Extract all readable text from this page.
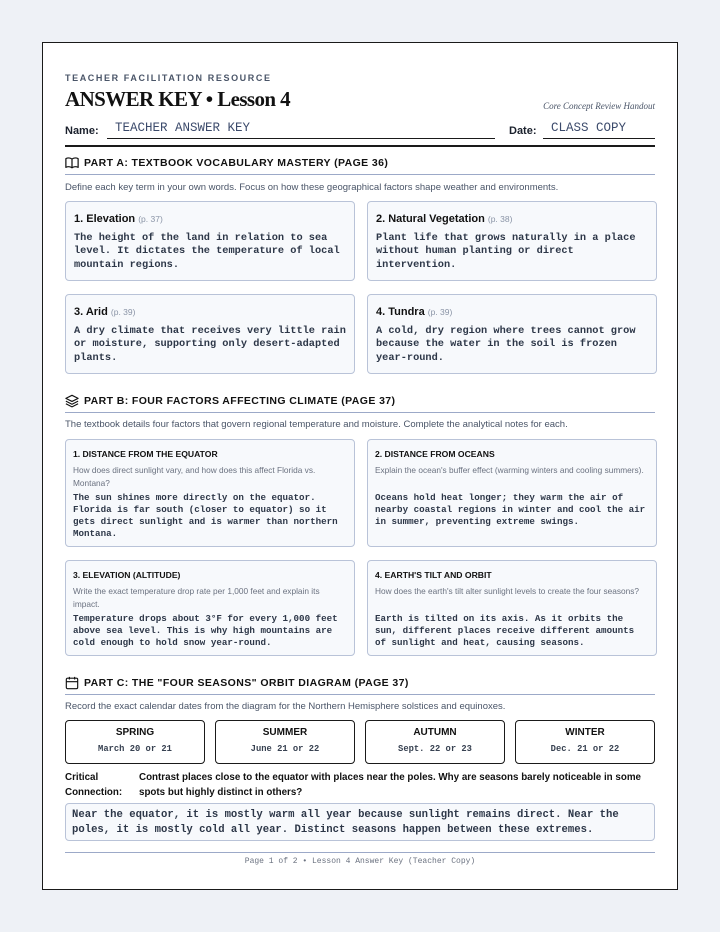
TEACHER FACILITATION RESOURCE
ANSWER KEY • Lesson 4	Core Concept Review Handout
Name:	TEACHER ANSWER KEY	Date:	CLASS COPY
PART A: TEXTBOOK VOCABULARY MASTERY (PAGE 36)
Define each key term in your own words. Focus on how these geographical factors shape weather and environments.
1. Elevation (p. 37)
The height of the land in relation to sea level. It dictates the temperature of local mountain regions.
2. Natural Vegetation (p. 38)
Plant life that grows naturally in a place without human planting or direct intervention.
3. Arid (p. 39)
A dry climate that receives very little rain or moisture, supporting only desert-adapted plants.
4. Tundra (p. 39)
A cold, dry region where trees cannot grow because the water in the soil is frozen year-round.
PART B: FOUR FACTORS AFFECTING CLIMATE (PAGE 37)
The textbook details four factors that govern regional temperature and moisture. Complete the analytical notes for each.
1. DISTANCE FROM THE EQUATOR
How does direct sunlight vary, and how does this affect Florida vs. Montana?
The sun shines more directly on the equator. Florida is far south (closer to equator) so it gets direct sunlight and is warmer than northern Montana.
2. DISTANCE FROM OCEANS
Explain the ocean's buffer effect (warming winters and cooling summers).
Oceans hold heat longer; they warm the air of nearby coastal regions in winter and cool the air in summer, preventing extreme swings.
3. ELEVATION (ALTITUDE)
Write the exact temperature drop rate per 1,000 feet and explain its impact.
Temperature drops about 3°F for every 1,000 feet above sea level. This is why high mountains are cold enough to hold snow year-round.
4. EARTH'S TILT AND ORBIT
How does the earth's tilt alter sunlight levels to create the four seasons?
Earth is tilted on its axis. As it orbits the sun, different places receive different amounts of sunlight and heat, causing seasons.
PART C: THE "FOUR SEASONS" ORBIT DIAGRAM (PAGE 37)
Record the exact calendar dates from the diagram for the Northern Hemisphere solstices and equinoxes.
SPRING
March 20 or 21
SUMMER
June 21 or 22
AUTUMN
Sept. 22 or 23
WINTER
Dec. 21 or 22
Critical
Connection:
Contrast places close to the equator with places near the poles. Why are seasons barely noticeable in some spots but highly distinct in others?
Near the equator, it is mostly warm all year because sunlight remains direct. Near the poles, it is mostly cold all year. Distinct seasons happen between these extremes.
Page 1 of 2 • Lesson 4 Answer Key (Teacher Copy)
